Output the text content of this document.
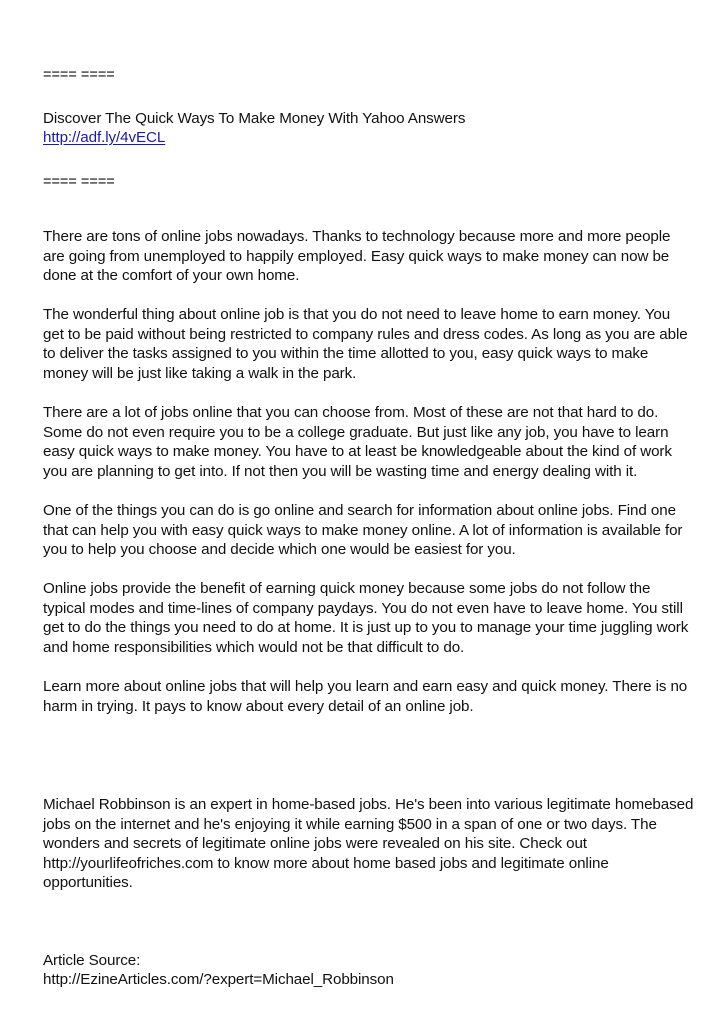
==== ====
Discover The Quick Ways To Make Money With Yahoo Answers
http://adf.ly/4vECL
==== ====
There are tons of online jobs nowadays. Thanks to technology because more and more people
are going from unemployed to happily employed. Easy quick ways to make money can now be
done at the comfort of your own home.
The wonderful thing about online job is that you do not need to leave home to earn money. You
get to be paid without being restricted to company rules and dress codes. As long as you are able
to deliver the tasks assigned to you within the time allotted to you, easy quick ways to make
money will be just like taking a walk in the park.
There are a lot of jobs online that you can choose from. Most of these are not that hard to do.
Some do not even require you to be a college graduate. But just like any job, you have to learn
easy quick ways to make money. You have to at least be knowledgeable about the kind of work
you are planning to get into. If not then you will be wasting time and energy dealing with it.
One of the things you can do is go online and search for information about online jobs. Find one
that can help you with easy quick ways to make money online. A lot of information is available for
you to help you choose and decide which one would be easiest for you.
Online jobs provide the benefit of earning quick money because some jobs do not follow the
typical modes and time-lines of company paydays. You do not even have to leave home. You still
get to do the things you need to do at home. It is just up to you to manage your time juggling work
and home responsibilities which would not be that difficult to do.
Learn more about online jobs that will help you learn and earn easy and quick money. There is no
harm in trying. It pays to know about every detail of an online job.
Michael Robbinson is an expert in home-based jobs. He's been into various legitimate homebased
jobs on the internet and he's enjoying it while earning $500 in a span of one or two days. The
wonders and secrets of legitimate online jobs were revealed on his site. Check out
http://yourlifeofriches.com to know more about home based jobs and legitimate online
opportunities.
Article Source:
http://EzineArticles.com/?expert=Michael_Robbinson
